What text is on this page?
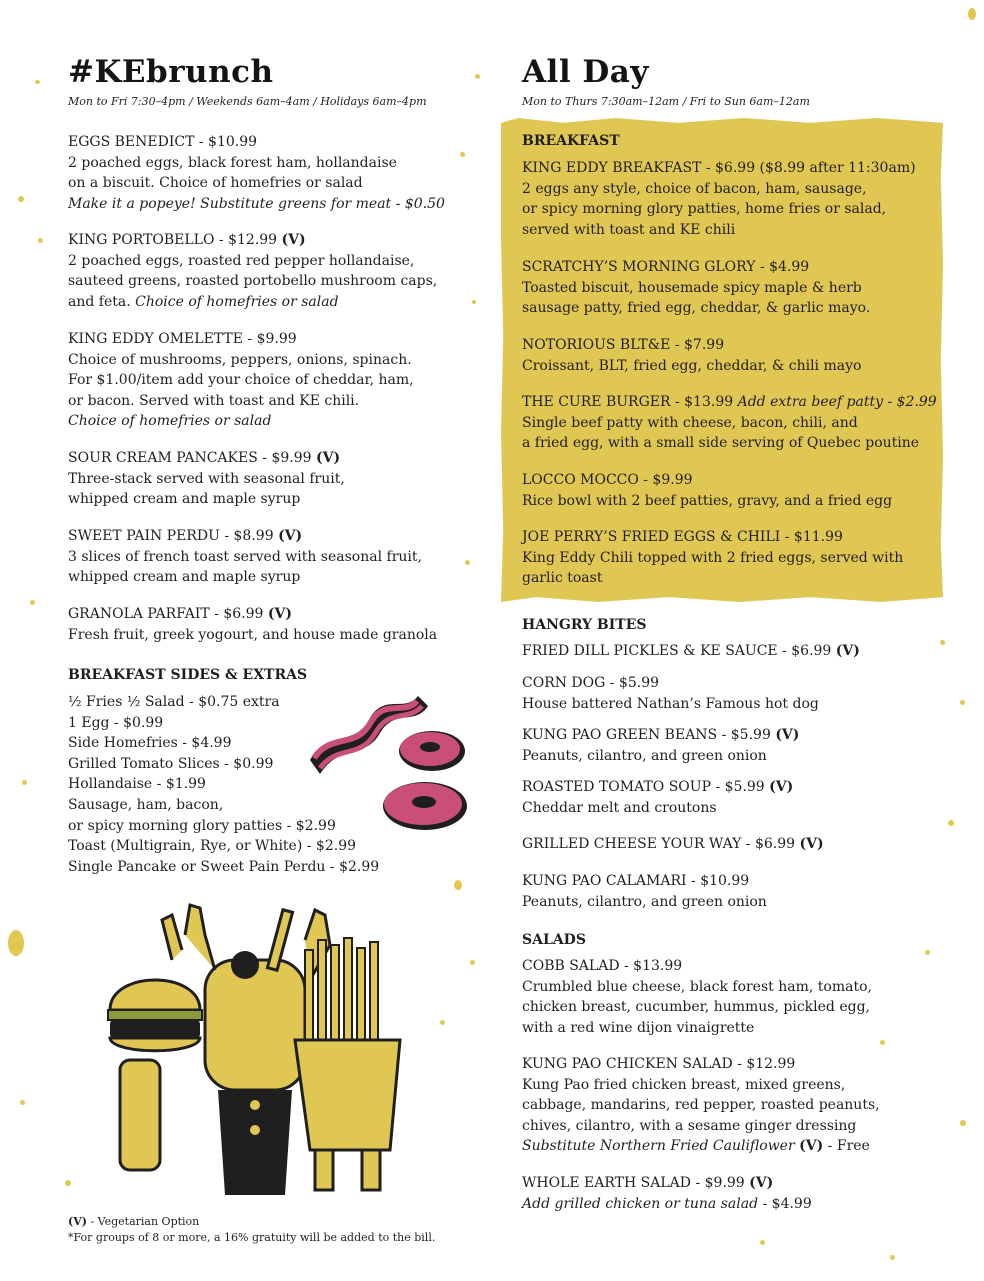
#KEbrunch
Mon to Fri 7:30–4pm / Weekends 6am–4am / Holidays 6am–4pm
EGGS BENEDICT - $10.99
2 poached eggs, black forest ham, hollandaise
on a biscuit. Choice of homefries or salad
Make it a popeye! Substitute greens for meat - $0.50
KING PORTOBELLO - $12.99 (V)
2 poached eggs, roasted red pepper hollandaise,
sauteed greens, roasted portobello mushroom caps,
and feta. Choice of homefries or salad
KING EDDY OMELETTE - $9.99
Choice of mushrooms, peppers, onions, spinach.
For $1.00/item add your choice of cheddar, ham,
or bacon. Served with toast and KE chili.
Choice of homefries or salad
SOUR CREAM PANCAKES - $9.99 (V)
Three-stack served with seasonal fruit,
whipped cream and maple syrup
SWEET PAIN PERDU - $8.99 (V)
3 slices of french toast served with seasonal fruit,
whipped cream and maple syrup
GRANOLA PARFAIT - $6.99 (V)
Fresh fruit, greek yogourt, and house made granola
BREAKFAST SIDES & EXTRAS
½ Fries ½ Salad - $0.75 extra
1 Egg - $0.99
Side Homefries - $4.99
Grilled Tomato Slices - $0.99
Hollandaise - $1.99
Sausage, ham, bacon,
or spicy morning glory patties - $2.99
Toast (Multigrain, Rye, or White) - $2.99
Single Pancake or Sweet Pain Perdu - $2.99
All Day
Mon to Thurs 7:30am–12am / Fri to Sun 6am–12am
BREAKFAST
KING EDDY BREAKFAST - $6.99 ($8.99 after 11:30am)
2 eggs any style, choice of bacon, ham, sausage,
or spicy morning glory patties, home fries or salad,
served with toast and KE chili
SCRATCHY’S MORNING GLORY - $4.99
Toasted biscuit, housemade spicy maple & herb
sausage patty, fried egg, cheddar, & garlic mayo.
NOTORIOUS BLT&E - $7.99
Croissant, BLT, fried egg, cheddar, & chili mayo
THE CURE BURGER - $13.99 Add extra beef patty - $2.99
Single beef patty with cheese, bacon, chili, and
a fried egg, with a small side serving of Quebec poutine
LOCCO MOCCO - $9.99
Rice bowl with 2 beef patties, gravy, and a fried egg
JOE PERRY’S FRIED EGGS & CHILI - $11.99
King Eddy Chili topped with 2 fried eggs, served with
garlic toast
HANGRY BITES
FRIED DILL PICKLES & KE SAUCE - $6.99 (V)
CORN DOG - $5.99
House battered Nathan’s Famous hot dog
KUNG PAO GREEN BEANS - $5.99 (V)
Peanuts, cilantro, and green onion
ROASTED TOMATO SOUP - $5.99 (V)
Cheddar melt and croutons
GRILLED CHEESE YOUR WAY - $6.99 (V)
KUNG PAO CALAMARI - $10.99
Peanuts, cilantro, and green onion
SALADS
COBB SALAD - $13.99
Crumbled blue cheese, black forest ham, tomato,
chicken breast, cucumber, hummus, pickled egg,
with a red wine dijon vinaigrette
KUNG PAO CHICKEN SALAD - $12.99
Kung Pao fried chicken breast, mixed greens,
cabbage, mandarins, red pepper, roasted peanuts,
chives, cilantro, with a sesame ginger dressing
Substitute Northern Fried Cauliflower (V) - Free
WHOLE EARTH SALAD - $9.99 (V)
Add grilled chicken or tuna salad - $4.99
(V) - Vegetarian Option
*For groups of 8 or more, a 16% gratuity will be added to the bill.
